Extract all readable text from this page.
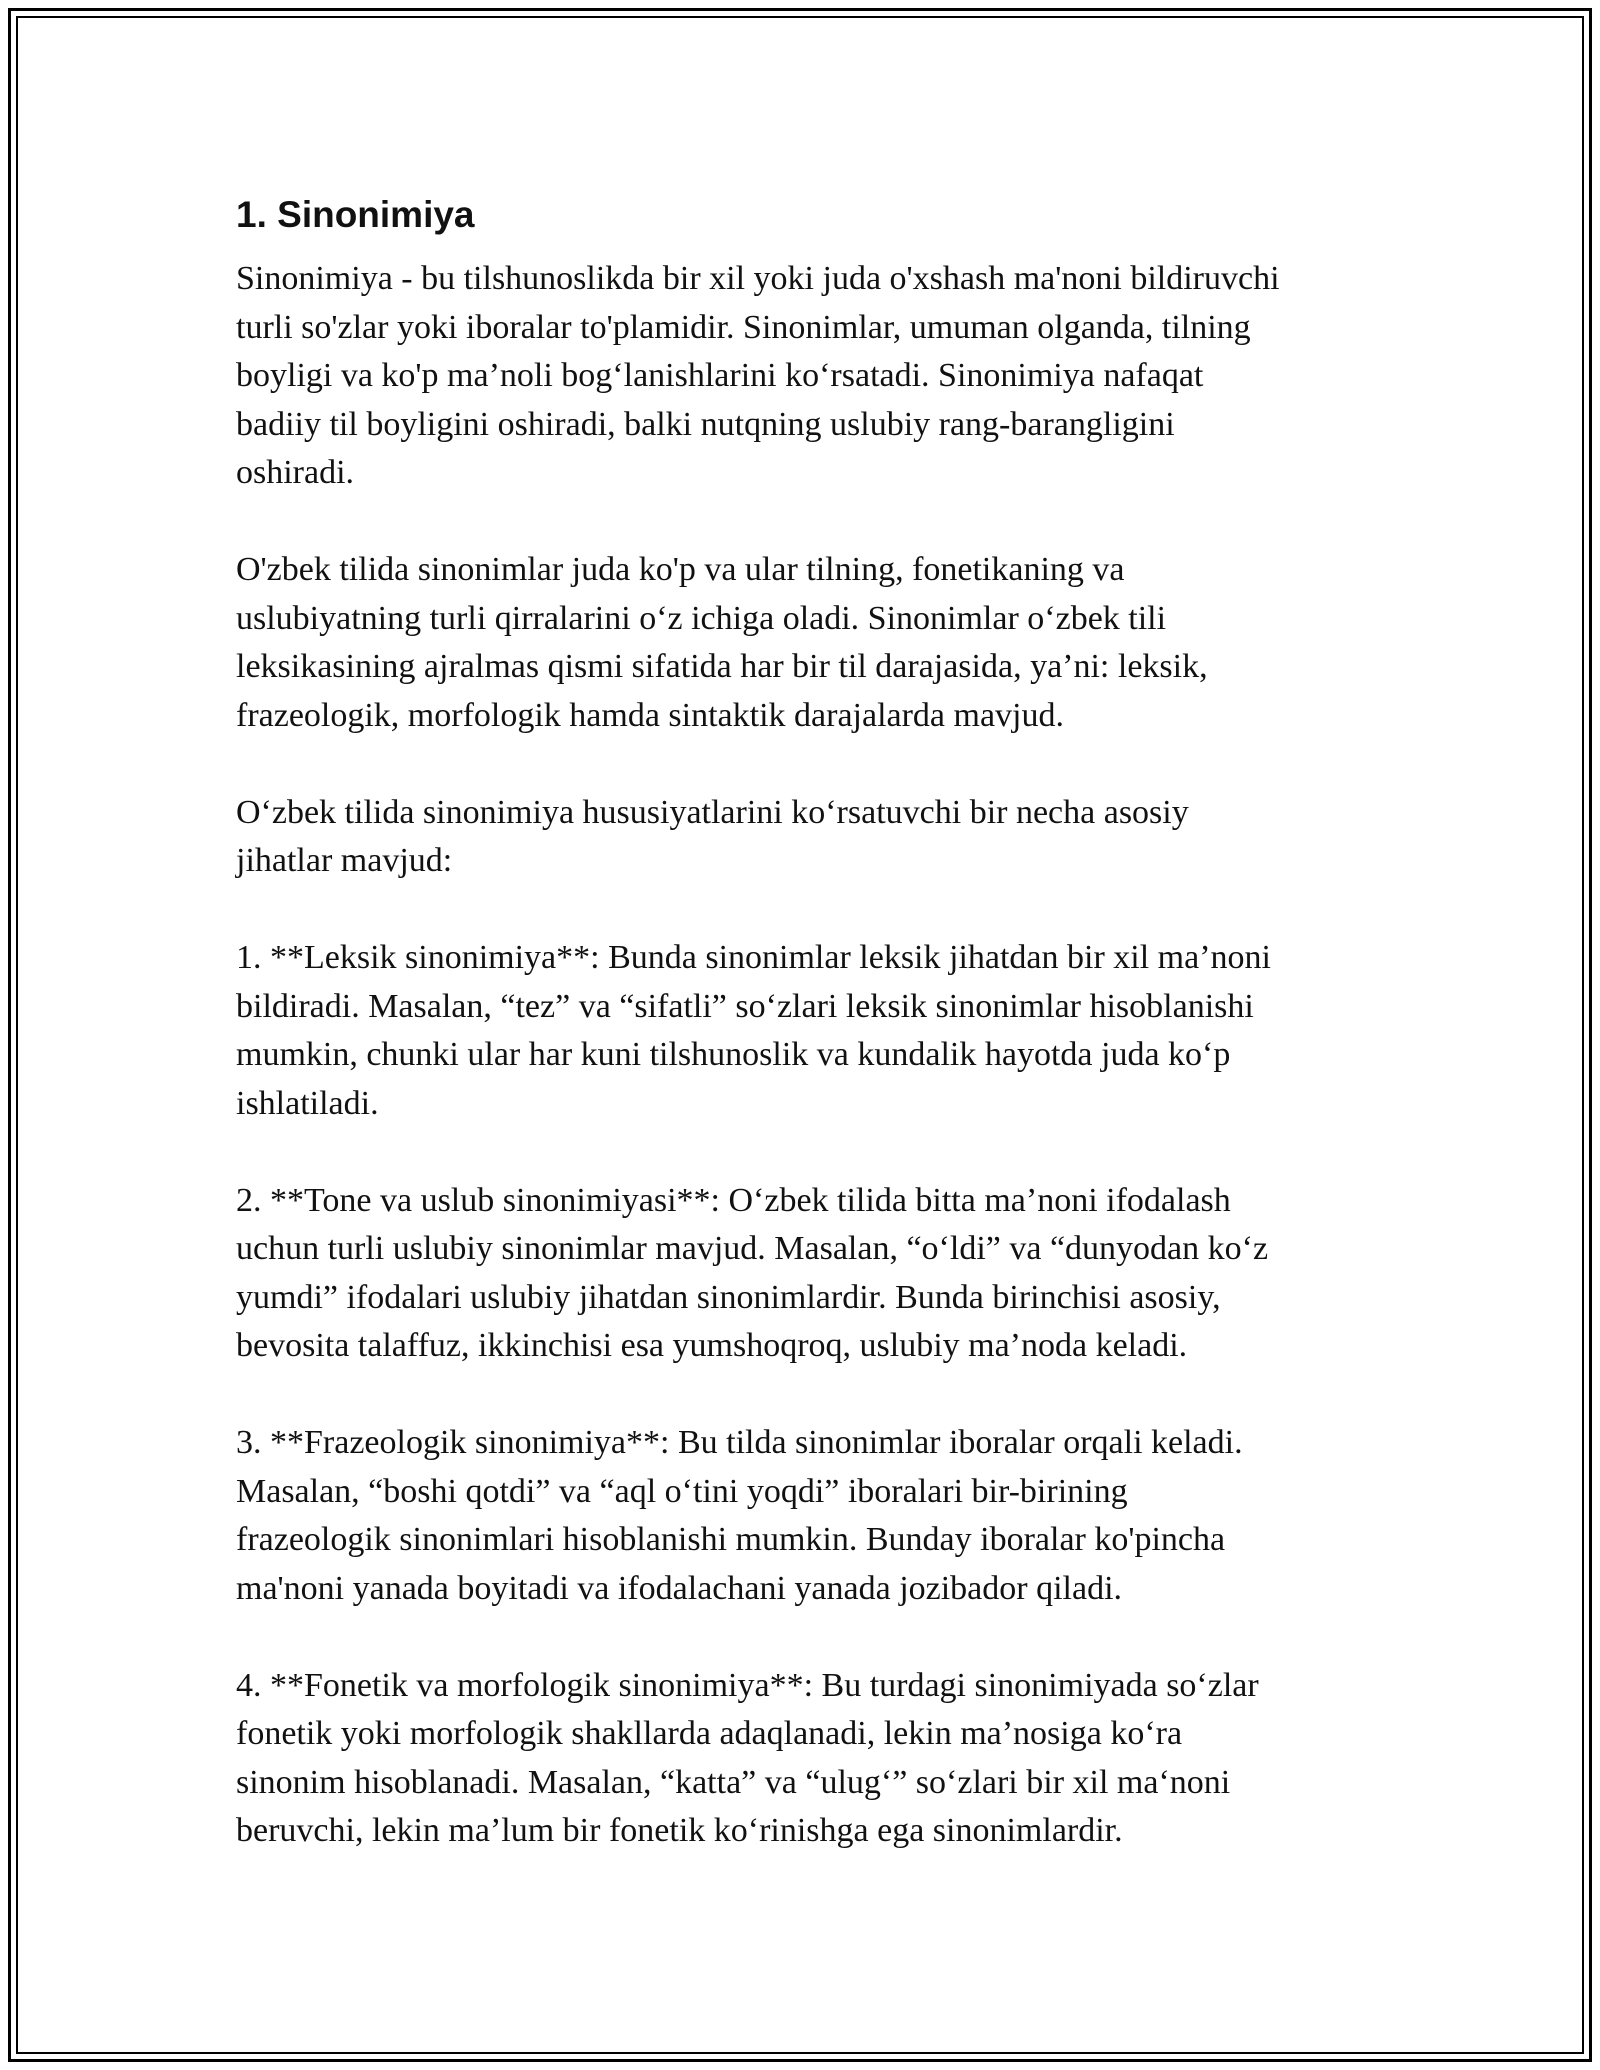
1. Sinonimiya

Sinonimiya - bu tilshunoslikda bir xil yoki juda o'xshash ma'noni bildiruvchi
turli so'zlar yoki iboralar to'plamidir. Sinonimlar, umuman olganda, tilning
boyligi va ko'p ma’noli bog‘lanishlarini ko‘rsatadi. Sinonimiya nafaqat
badiiy til boyligini oshiradi, balki nutqning uslubiy rang-barangligini
oshiradi.

O'zbek tilida sinonimlar juda ko'p va ular tilning, fonetikaning va
uslubiyatning turli qirralarini o‘z ichiga oladi. Sinonimlar o‘zbek tili
leksikasining ajralmas qismi sifatida har bir til darajasida, ya’ni: leksik,
frazeologik, morfologik hamda sintaktik darajalarda mavjud.

O‘zbek tilida sinonimiya hususiyatlarini ko‘rsatuvchi bir necha asosiy
jihatlar mavjud:

1. **Leksik sinonimiya**: Bunda sinonimlar leksik jihatdan bir xil ma’noni
bildiradi. Masalan, “tez” va “sifatli” so‘zlari leksik sinonimlar hisoblanishi
mumkin, chunki ular har kuni tilshunoslik va kundalik hayotda juda ko‘p
ishlatiladi.

2. **Tone va uslub sinonimiyasi**: O‘zbek tilida bitta ma’noni ifodalash
uchun turli uslubiy sinonimlar mavjud. Masalan, “o‘ldi” va “dunyodan ko‘z
yumdi” ifodalari uslubiy jihatdan sinonimlardir. Bunda birinchisi asosiy,
bevosita talaffuz, ikkinchisi esa yumshoqroq, uslubiy ma’noda keladi.

3. **Frazeologik sinonimiya**: Bu tilda sinonimlar iboralar orqali keladi.
Masalan, “boshi qotdi” va “aql o‘tini yoqdi” iboralari bir-birining
frazeologik sinonimlari hisoblanishi mumkin. Bunday iboralar ko'pincha
ma'noni yanada boyitadi va ifodalachani yanada jozibador qiladi.

4. **Fonetik va morfologik sinonimiya**: Bu turdagi sinonimiyada so‘zlar
fonetik yoki morfologik shakllarda adaqlanadi, lekin ma’nosiga ko‘ra
sinonim hisoblanadi. Masalan, “katta” va “ulug‘” so‘zlari bir xil ma‘noni
beruvchi, lekin ma’lum bir fonetik ko‘rinishga ega sinonimlardir.
